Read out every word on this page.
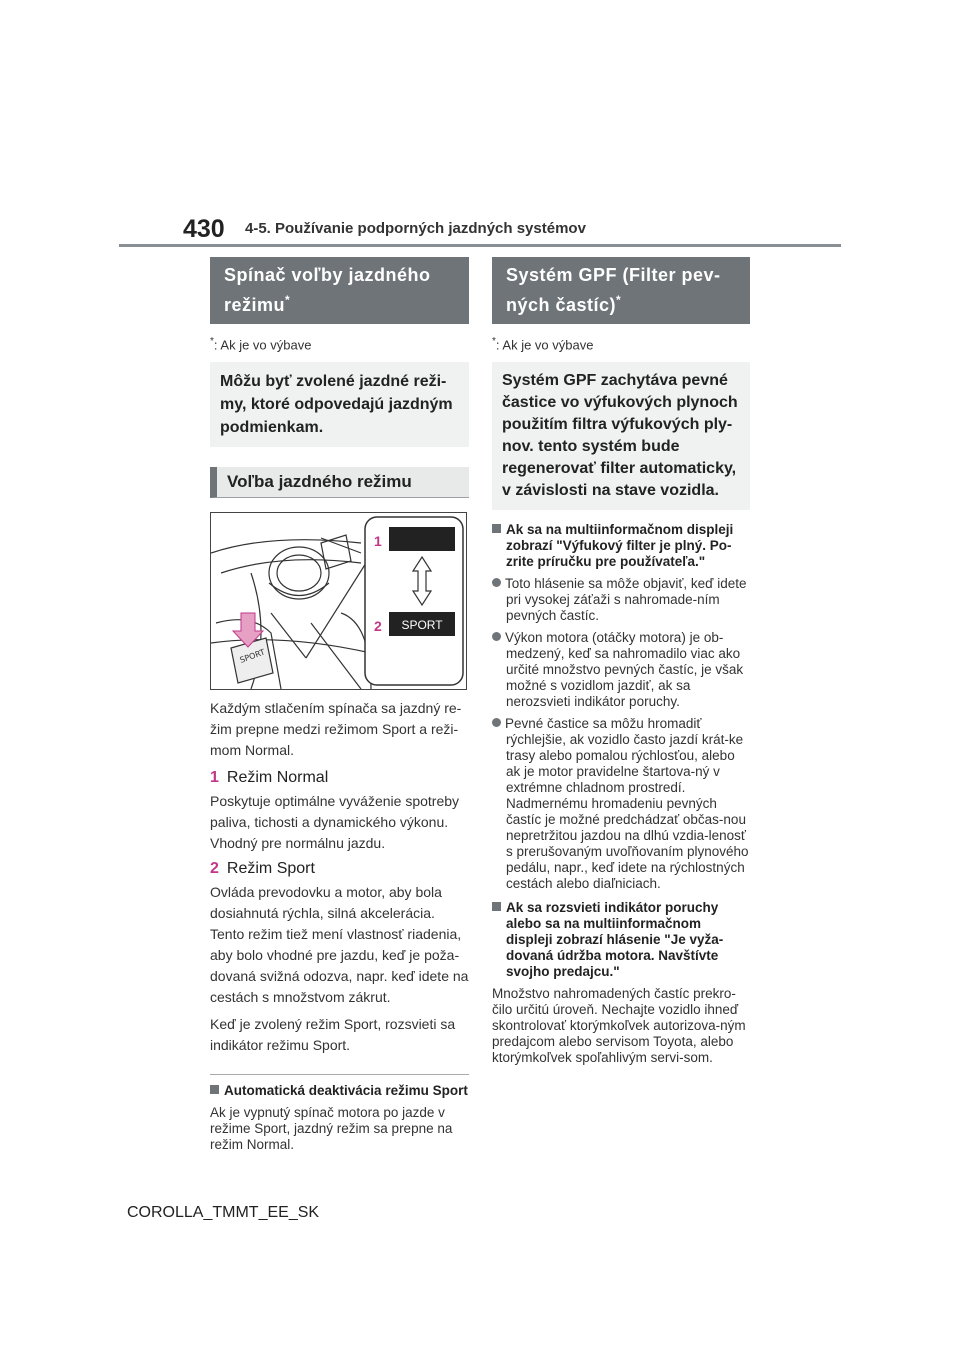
430 4-5. Používanie podporných jazdných systémov
Spínač voľby jazdného režimu*
*: Ak je vo výbave
Môžu byť zvolené jazdné reži-my, ktoré odpovedajú jazdným podmienkam.
Voľba jazdného režimu
SPORT
1
2 SPORT
Každým stlačením spínača sa jazdný re-žim prepne medzi režimom Sport a reži-mom Normal.
1 Režim Normal
Poskytuje optimálne vyváženie spotreby paliva, tichosti a dynamického výkonu. Vhodný pre normálnu jazdu.
2 Režim Sport
Ovláda prevodovku a motor, aby bola dosiahnutá rýchla, silná akcelerácia. Tento režim tiež mení vlastnosť riadenia, aby bolo vhodné pre jazdu, keď je poža-dovaná svižná odozva, napr. keď idete na cestách s množstvom zákrut.
Keď je zvolený režim Sport, rozsvieti sa indikátor režimu Sport.
Automatická deaktivácia režimu Sport
Ak je vypnutý spínač motora po jazde v režime Sport, jazdný režim sa prepne na režim Normal.
Systém GPF (Filter pev-ných častíc)*
*: Ak je vo výbave
Systém GPF zachytáva pevné častice vo výfukových plynoch použitím filtra výfukových ply-nov. tento systém bude regenerovať filter automaticky, v závislosti na stave vozidla.
Ak sa na multiinformačnom displeji zobrazí "Výfukový filter je plný. Po-zrite príručku pre používateľa."
Toto hlásenie sa môže objaviť, keď idete pri vysokej záťaži s nahromade-ním pevných častíc.
Výkon motora (otáčky motora) je ob-medzený, keď sa nahromadilo viac ako určité množstvo pevných častíc, je však možné s vozidlom jazdiť, ak sa nerozsvieti indikátor poruchy.
Pevné častice sa môžu hromadiť rýchlejšie, ak vozidlo často jazdí krát-ke trasy alebo pomalou rýchlosťou, alebo ak je motor pravidelne štartova-ný v extrémne chladnom prostredí. Nadmernému hromadeniu pevných častíc je možné predchádzať občas-nou nepretržitou jazdou na dlhú vzdia-lenosť s prerušovaným uvoľňovaním plynového pedálu, napr., keď idete na rýchlostných cestách alebo diaľniciach.
Ak sa rozsvieti indikátor poruchy alebo sa na multiinformačnom displeji zobrazí hlásenie "Je vyža-dovaná údržba motora. Navštívte svojho predajcu."
Množstvo nahromadených častíc prekro-čilo určitú úroveň. Nechajte vozidlo ihneď skontrolovať ktorýmkoľvek autorizova-ným predajcom alebo servisom Toyota, alebo ktorýmkoľvek spoľahlivým servi-som.
COROLLA_TMMT_EE_SK
